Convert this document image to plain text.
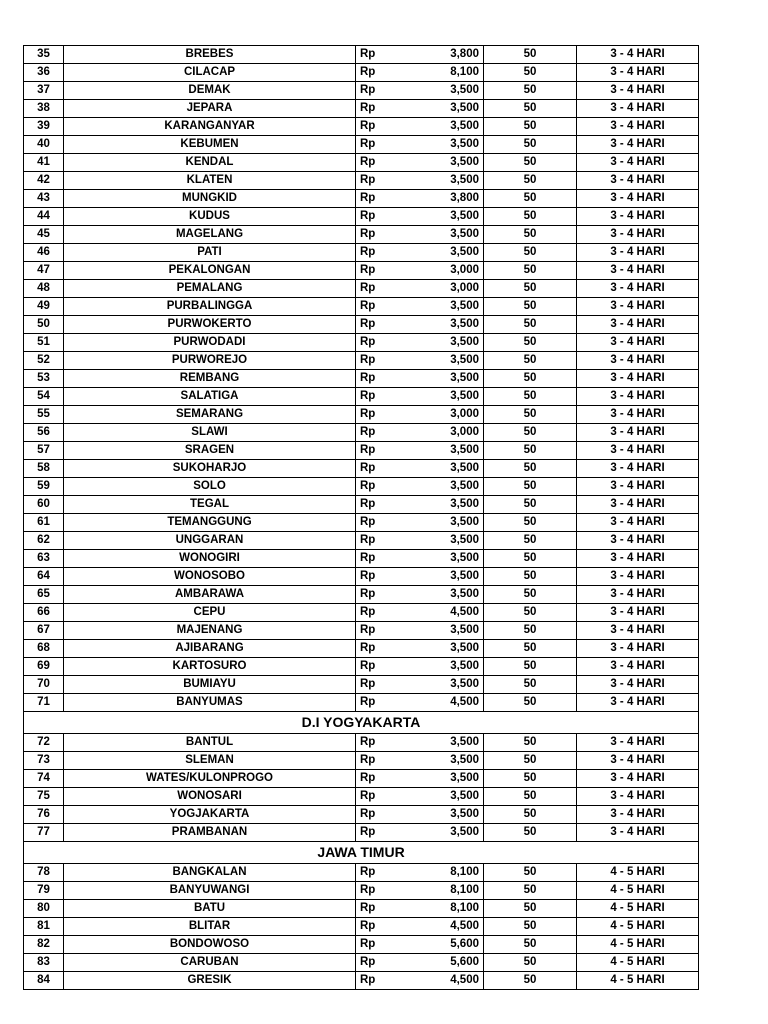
35	BREBES	Rp	3,800	50	3 - 4 HARI
36	CILACAP	Rp	8,100	50	3 - 4 HARI
37	DEMAK	Rp	3,500	50	3 - 4 HARI
38	JEPARA	Rp	3,500	50	3 - 4 HARI
39	KARANGANYAR	Rp	3,500	50	3 - 4 HARI
40	KEBUMEN	Rp	3,500	50	3 - 4 HARI
41	KENDAL	Rp	3,500	50	3 - 4 HARI
42	KLATEN	Rp	3,500	50	3 - 4 HARI
43	MUNGKID	Rp	3,800	50	3 - 4 HARI
44	KUDUS	Rp	3,500	50	3 - 4 HARI
45	MAGELANG	Rp	3,500	50	3 - 4 HARI
46	PATI	Rp	3,500	50	3 - 4 HARI
47	PEKALONGAN	Rp	3,000	50	3 - 4 HARI
48	PEMALANG	Rp	3,000	50	3 - 4 HARI
49	PURBALINGGA	Rp	3,500	50	3 - 4 HARI
50	PURWOKERTO	Rp	3,500	50	3 - 4 HARI
51	PURWODADI	Rp	3,500	50	3 - 4 HARI
52	PURWOREJO	Rp	3,500	50	3 - 4 HARI
53	REMBANG	Rp	3,500	50	3 - 4 HARI
54	SALATIGA	Rp	3,500	50	3 - 4 HARI
55	SEMARANG	Rp	3,000	50	3 - 4 HARI
56	SLAWI	Rp	3,000	50	3 - 4 HARI
57	SRAGEN	Rp	3,500	50	3 - 4 HARI
58	SUKOHARJO	Rp	3,500	50	3 - 4 HARI
59	SOLO	Rp	3,500	50	3 - 4 HARI
60	TEGAL	Rp	3,500	50	3 - 4 HARI
61	TEMANGGUNG	Rp	3,500	50	3 - 4 HARI
62	UNGGARAN	Rp	3,500	50	3 - 4 HARI
63	WONOGIRI	Rp	3,500	50	3 - 4 HARI
64	WONOSOBO	Rp	3,500	50	3 - 4 HARI
65	AMBARAWA	Rp	3,500	50	3 - 4 HARI
66	CEPU	Rp	4,500	50	3 - 4 HARI
67	MAJENANG	Rp	3,500	50	3 - 4 HARI
68	AJIBARANG	Rp	3,500	50	3 - 4 HARI
69	KARTOSURO	Rp	3,500	50	3 - 4 HARI
70	BUMIAYU	Rp	3,500	50	3 - 4 HARI
71	BANYUMAS	Rp	4,500	50	3 - 4 HARI
D.I YOGYAKARTA					
72	BANTUL	Rp	3,500	50	3 - 4 HARI
73	SLEMAN	Rp	3,500	50	3 - 4 HARI
74	WATES/KULONPROGO	Rp	3,500	50	3 - 4 HARI
75	WONOSARI	Rp	3,500	50	3 - 4 HARI
76	YOGJAKARTA	Rp	3,500	50	3 - 4 HARI
77	PRAMBANAN	Rp	3,500	50	3 - 4 HARI
JAWA TIMUR					
78	BANGKALAN	Rp	8,100	50	4 - 5 HARI
79	BANYUWANGI	Rp	8,100	50	4 - 5 HARI
80	BATU	Rp	8,100	50	4 - 5 HARI
81	BLITAR	Rp	4,500	50	4 - 5 HARI
82	BONDOWOSO	Rp	5,600	50	4 - 5 HARI
83	CARUBAN	Rp	5,600	50	4 - 5 HARI
84	GRESIK	Rp	4,500	50	4 - 5 HARI
